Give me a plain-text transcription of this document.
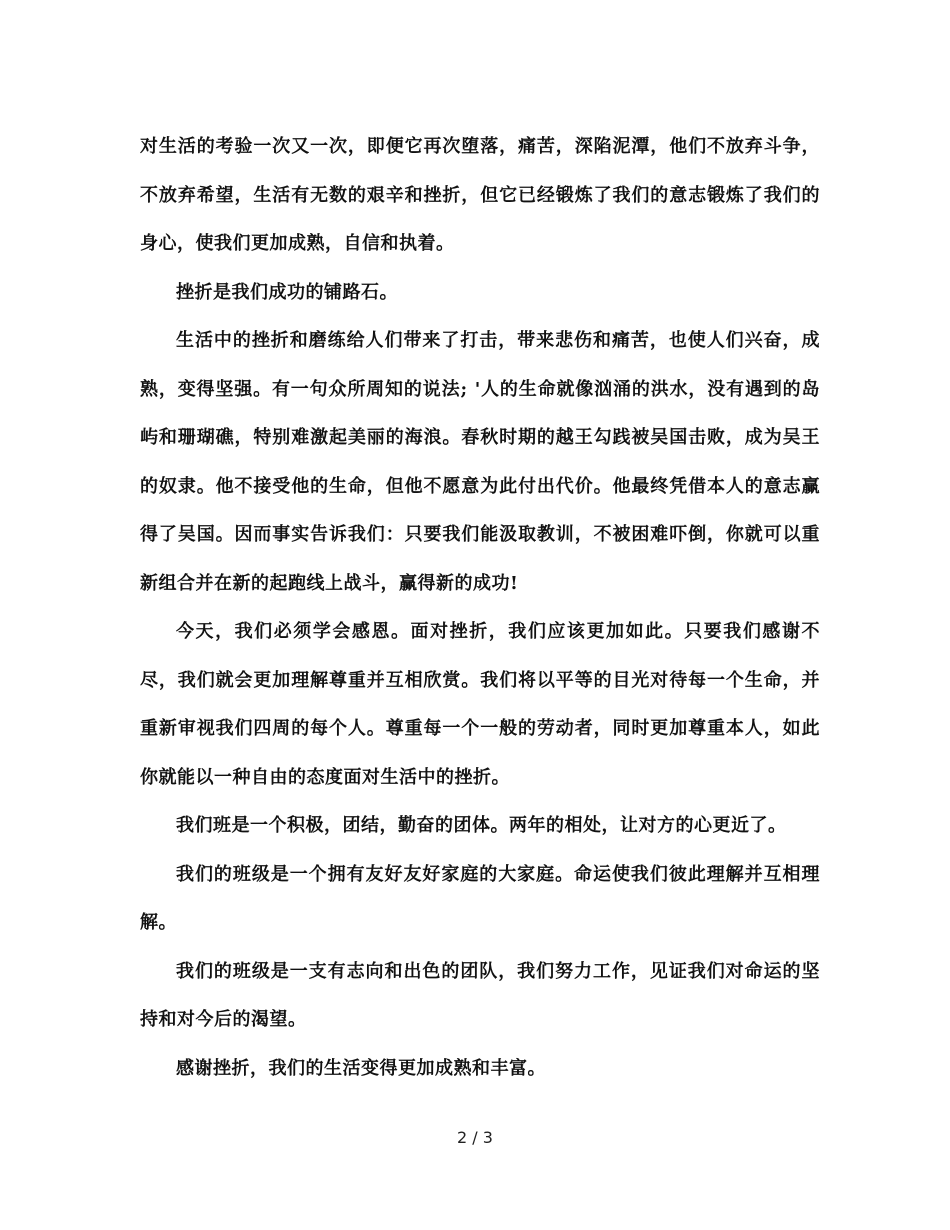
对生活的考验一次又一次，即便它再次堕落，痛苦，深陷泥潭，他们不放弃斗争，不放弃希望，生活有无数的艰辛和挫折，但它已经锻炼了我们的意志锻炼了我们的身心，使我们更加成熟，自信和执着。

挫折是我们成功的铺路石。

生活中的挫折和磨练给人们带来了打击，带来悲伤和痛苦，也使人们兴奋，成熟，变得坚强。有一句众所周知的说法; '人的生命就像汹涌的洪水，没有遇到的岛屿和珊瑚礁，特别难激起美丽的海浪。春秋时期的越王勾践被吴国击败，成为吴王的奴隶。他不接受他的生命，但他不愿意为此付出代价。他最终凭借本人的意志赢得了吴国。因而事实告诉我们：只要我们能汲取教训，不被困难吓倒，你就可以重新组合并在新的起跑线上战斗，赢得新的成功!

今天，我们必须学会感恩。面对挫折，我们应该更加如此。只要我们感谢不尽，我们就会更加理解尊重并互相欣赏。我们将以平等的目光对待每一个生命，并重新审视我们四周的每个人。尊重每一个一般的劳动者，同时更加尊重本人，如此你就能以一种自由的态度面对生活中的挫折。

我们班是一个积极，团结，勤奋的团体。两年的相处，让对方的心更近了。

我们的班级是一个拥有友好友好家庭的大家庭。命运使我们彼此理解并互相理解。

我们的班级是一支有志向和出色的团队，我们努力工作，见证我们对命运的坚持和对今后的渴望。

感谢挫折，我们的生活变得更加成熟和丰富。

2 / 3
